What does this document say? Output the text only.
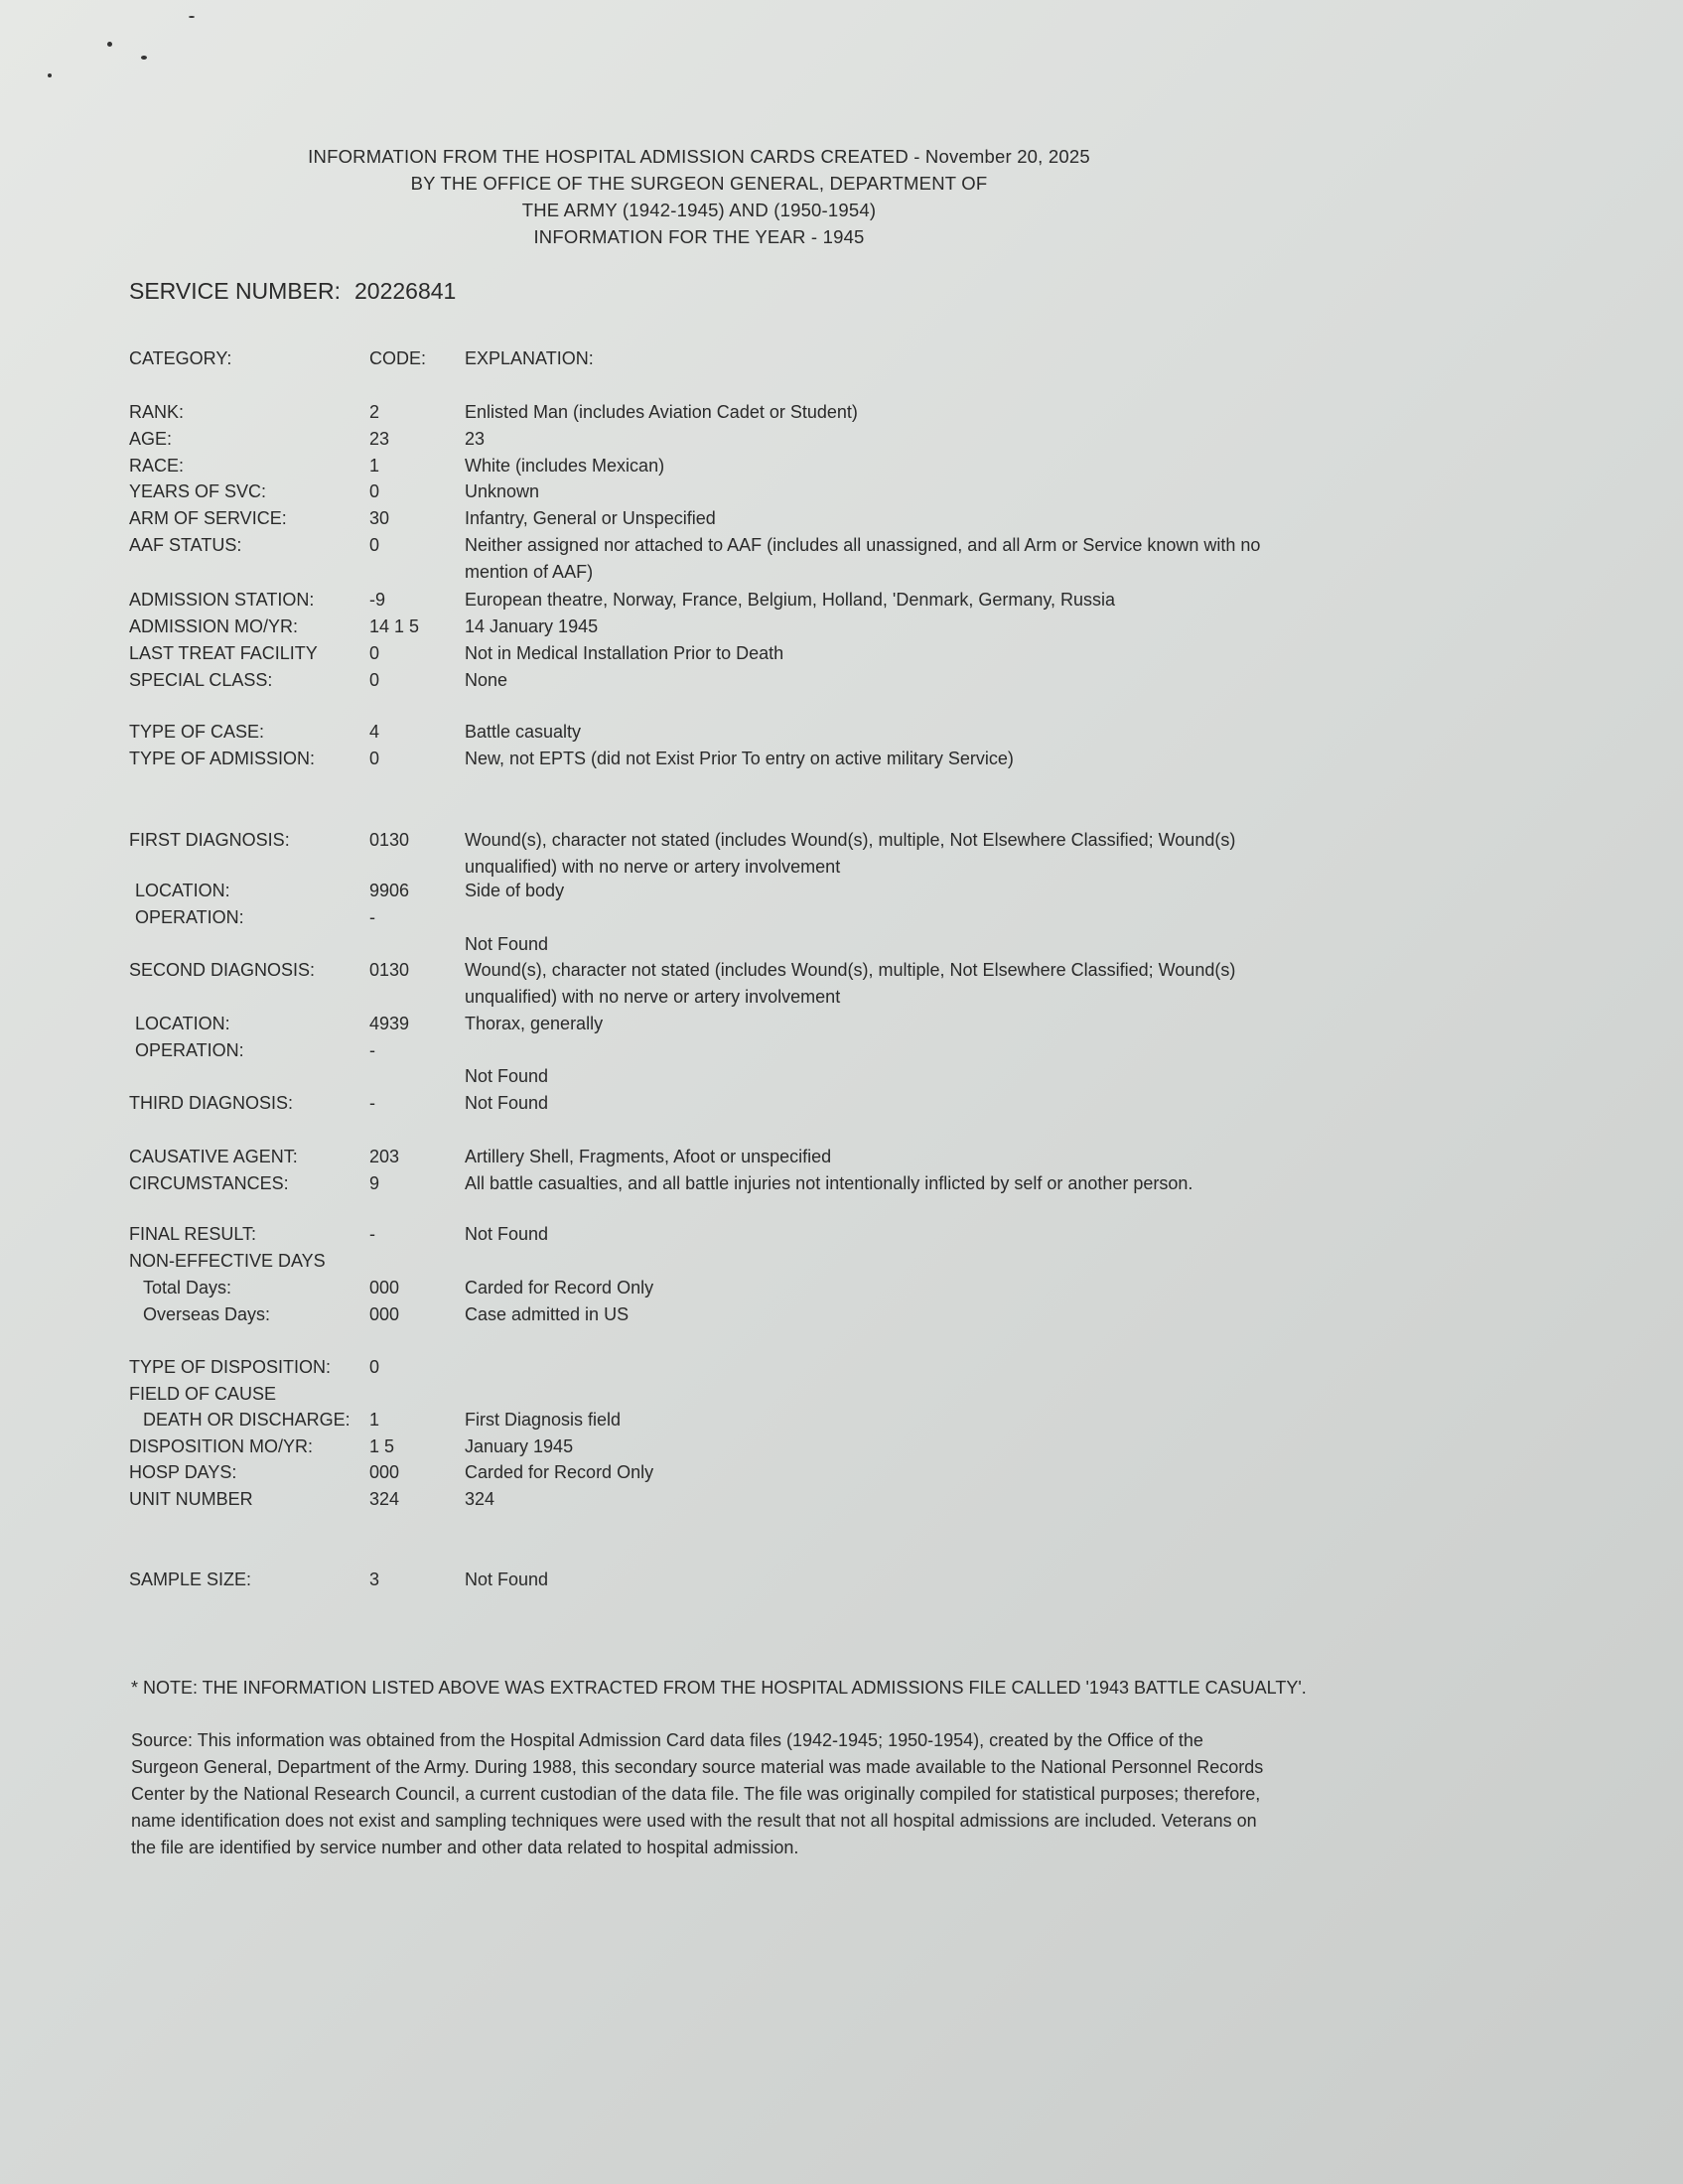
INFORMATION FROM THE HOSPITAL ADMISSION CARDS CREATED - November 20, 2025
BY THE OFFICE OF THE SURGEON GENERAL, DEPARTMENT OF
THE ARMY (1942-1945) AND (1950-1954)
INFORMATION FOR THE YEAR - 1945
SERVICE NUMBER: 20226841
CATEGORY:	CODE: EXPLANATION:
RANK:	2	Enlisted Man (includes Aviation Cadet or Student)
AGE:	23	23
RACE:	1	White (includes Mexican)
YEARS OF SVC:	0	Unknown
ARM OF SERVICE:	30	Infantry, General or Unspecified
AAF STATUS:	0	Neither assigned nor attached to AAF (includes all unassigned, and all Arm or Service known with no mention of AAF)
ADMISSION STATION:	-9	European theatre, Norway, France, Belgium, Holland, 'Denmark, Germany, Russia
ADMISSION MO/YR:	14 1 5	14 January 1945
LAST TREAT FACILITY	0	Not in Medical Installation Prior to Death
SPECIAL CLASS:	0	None
TYPE OF CASE:	4	Battle casualty
TYPE OF ADMISSION:	0	New, not EPTS (did not Exist Prior To entry on active military Service)
FIRST DIAGNOSIS:	0130	Wound(s), character not stated (includes Wound(s), multiple, Not Elsewhere Classified; Wound(s) unqualified) with no nerve or artery involvement
LOCATION:	9906	Side of body
OPERATION:	-
Not Found
SECOND DIAGNOSIS:	0130	Wound(s), character not stated (includes Wound(s), multiple, Not Elsewhere Classified; Wound(s) unqualified) with no nerve or artery involvement
LOCATION:	4939	Thorax, generally
OPERATION:	-
Not Found
THIRD DIAGNOSIS:	-	Not Found
CAUSATIVE AGENT:	203	Artillery Shell, Fragments, Afoot or unspecified
CIRCUMSTANCES:	9	All battle casualties, and all battle injuries not intentionally inflicted by self or another person.
FINAL RESULT:	-	Not Found
NON-EFFECTIVE DAYS
Total Days:	000	Carded for Record Only
Overseas Days:	000	Case admitted in US
TYPE OF DISPOSITION: 0
FIELD OF CAUSE
DEATH OR DISCHARGE: 1	First Diagnosis field
DISPOSITION MO/YR:	1 5	January 1945
HOSP DAYS:	000	Carded for Record Only
UNIT NUMBER	324	324
SAMPLE SIZE:	3	Not Found
* NOTE: THE INFORMATION LISTED ABOVE WAS EXTRACTED FROM THE HOSPITAL ADMISSIONS FILE CALLED '1943 BATTLE CASUALTY'.
Source: This information was obtained from the Hospital Admission Card data files (1942-1945; 1950-1954), created by the Office of the Surgeon General, Department of the Army. During 1988, this secondary source material was made available to the National Personnel Records Center by the National Research Council, a current custodian of the data file. The file was originally compiled for statistical purposes; therefore, name identification does not exist and sampling techniques were used with the result that not all hospital admissions are included. Veterans on the file are identified by service number and other data related to hospital admission.
